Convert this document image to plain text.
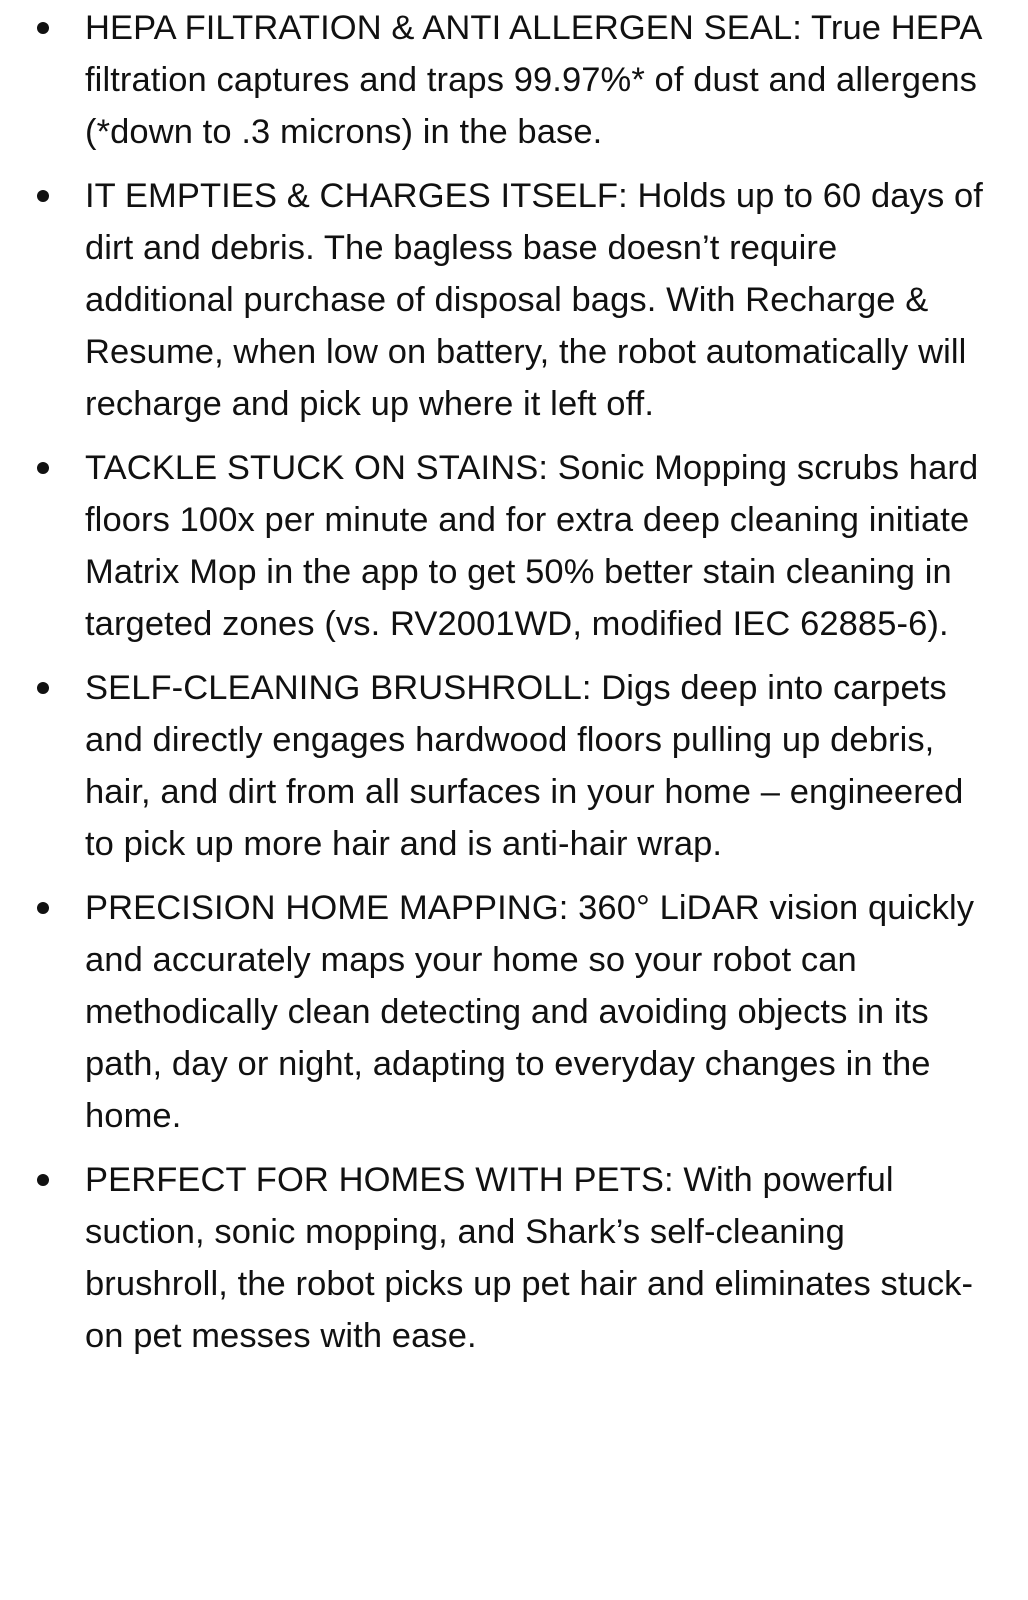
HEPA FILTRATION & ANTI ALLERGEN SEAL: True HEPA filtration captures and traps 99.97%* of dust and allergens (*down to .3 microns) in the base.
IT EMPTIES & CHARGES ITSELF: Holds up to 60 days of dirt and debris. The bagless base doesn’t require additional purchase of disposal bags. With Recharge & Resume, when low on battery, the robot automatically will recharge and pick up where it left off.
TACKLE STUCK ON STAINS: Sonic Mopping scrubs hard floors 100x per minute and for extra deep cleaning initiate Matrix Mop in the app to get 50% better stain cleaning in targeted zones (vs. RV2001WD, modified IEC 62885-6).
SELF-CLEANING BRUSHROLL: Digs deep into carpets and directly engages hardwood floors pulling up debris, hair, and dirt from all surfaces in your home – engineered to pick up more hair and is anti-hair wrap.
PRECISION HOME MAPPING: 360° LiDAR vision quickly and accurately maps your home so your robot can methodically clean detecting and avoiding objects in its path, day or night, adapting to everyday changes in the home.
PERFECT FOR HOMES WITH PETS: With powerful suction, sonic mopping, and Shark’s self-cleaning brushroll, the robot picks up pet hair and eliminates stuck-on pet messes with ease.
